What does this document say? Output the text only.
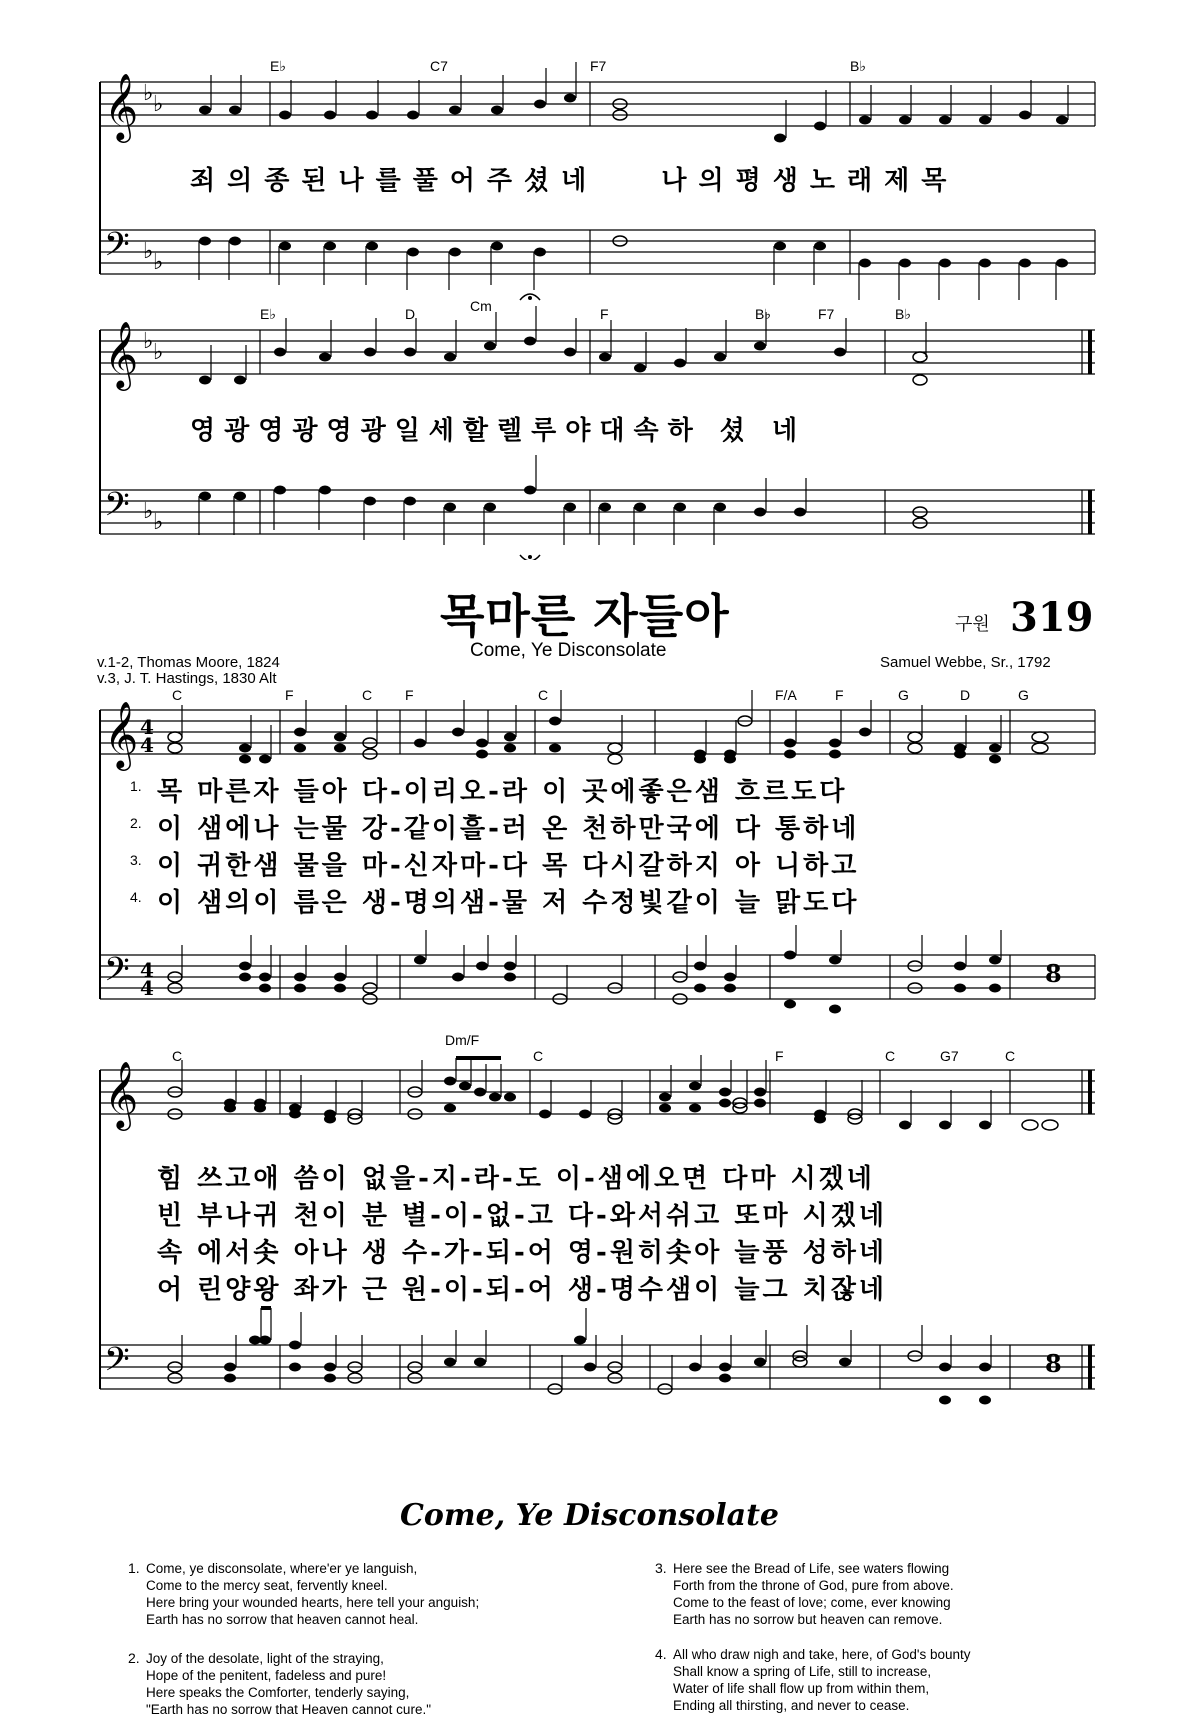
𝄞
𝄢
♭ ♭
♭ ♭
E♭	C7	F7	B♭
죄의종된나를풀어주셨네   나의평생노래제목
𝄞
𝄢
♭ ♭
♭ ♭
E♭	D	Cm	F	B♭	F7	B♭
영광영광영광일세할렐루야대속하 셨 네
목마른 자들아
Come, Ye Disconsolate
구원 319
v.1-2, Thomas Moore, 1824
v.3, J. T. Hastings, 1830 Alt
Samuel Webbe, Sr., 1792
𝄞
𝄢
4
4
4
4	8
C	F	C F	C	F/A	F	G	D	G
1.
2.
3.
4.
목 마른자 들아 다-이리오-라 이 곳에좋은샘 흐르도다
이 샘에나 는물 강-같이흘-러 온 천하만국에 다 통하네
이 귀한샘 물을 마-신자마-다 목 다시갈하지 아 니하고
이 샘의이 름은 생-명의샘-물 저 수정빛같이 늘 맑도다
𝄞
𝄢	8
C
Dm/F
C	F	C	G7	C
힘 쓰고애 씀이 없을-지-라-도 이-샘에오면 다마 시겠네
빈 부나귀 천이 분 별-이-없-고 다-와서쉬고 또마 시겠네
속 에서솟 아나 생 수-가-되-어 영-원히솟아 늘풍 성하네
어 린양왕 좌가 근 원-이-되-어 생-명수샘이 늘그 치잖네
Come, Ye Disconsolate
1. Come, ye disconsolate, where'er ye languish,
Come to the mercy seat, fervently kneel.
Here bring your wounded hearts, here tell your anguish;
Earth has no sorrow that heaven cannot heal.
2. Joy of the desolate, light of the straying,
Hope of the penitent, fadeless and pure!
Here speaks the Comforter, tenderly saying,
"Earth has no sorrow that Heaven cannot cure."
3. Here see the Bread of Life, see waters flowing
Forth from the throne of God, pure from above.
Come to the feast of love; come, ever knowing
Earth has no sorrow but heaven can remove.
4. All who draw nigh and take, here, of God's bounty
Shall know a spring of Life, still to increase,
Water of life shall flow up from within them,
Ending all thirsting, and never to cease.
